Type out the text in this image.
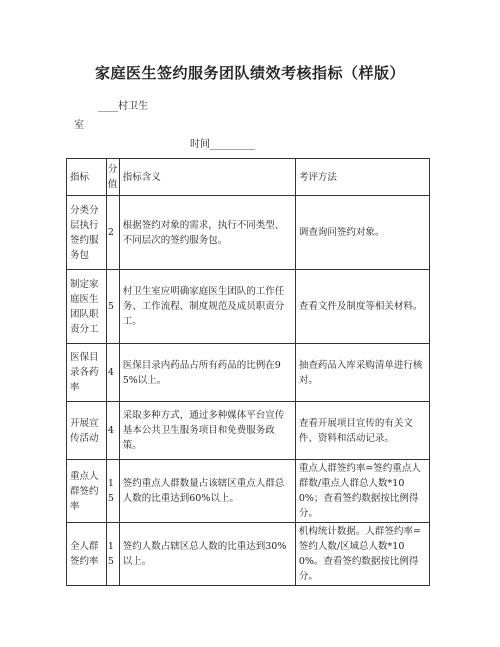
家庭医生签约服务团队绩效考核指标（样版）
____村卫生
室
时间_________
指标	分值	指标含义	考评方法
分类分层执行签约服务包	2	根据签约对象的需求，执行不同类型、不同层次的签约服务包。	调查询问签约对象。
制定家庭医生团队职责分工	5	村卫生室应明确家庭医生团队的工作任务、工作流程、制度规范及成员职责分工。	查看文件及制度等相关材料。
医保目录各药率	4	医保目录内药品占所有药品的比例在95%以上。	抽查药品入库采购清单进行核对。
开展宣传活动	4	采取多种方式，通过多种媒体平台宣传基本公共卫生服务项目和免费服务政策。	查看开展项目宣传的有关文件、资料和活动记录。
重点人群签约率	15	签约重点人群数量占该辖区重点人群总人数的比重达到60%以上。	重点人群签约率=签约重点人群数/重点人群总人数*100%；查看签约数据按比例得分。
全人群签约率	15	签约人数占辖区总人数的比重达到30%以上。	机构统计数据。人群签约率=签约人数/区域总人数*100%。查看签约数据按比例得分。
